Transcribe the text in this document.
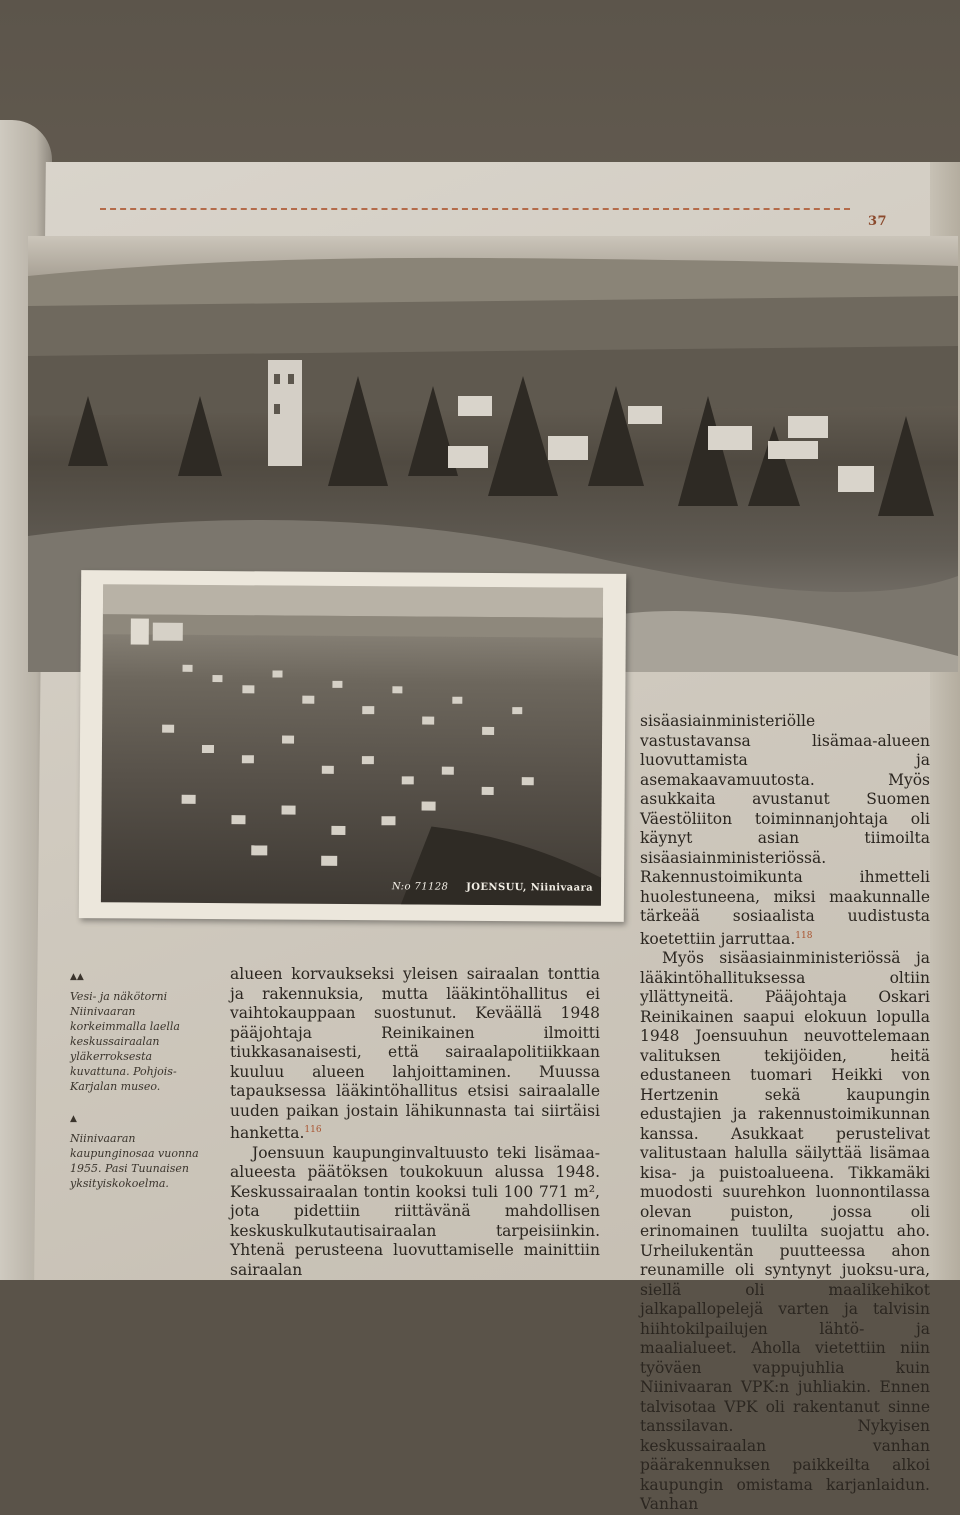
37
N:o 71128 JOENSUU, Niinivaara

sisäasiainministeriölle vastustavansa lisämaa-alueen luovuttamista ja asemakaavamuutosta. Myös asukkaita avustanut Suomen Väestöliiton toiminnanjohtaja oli käynyt asian tiimoilta sisäasiainministeriössä. Rakennustoimikunta ihmetteli huolestuneena, miksi maakunnalle tärkeää sosiaalista uudistusta koetettiin jarruttaa.$^{118}$

Myös sisäasiainministeriössä ja lääkintöhallituksessa oltiin yllättyneitä. Pääjohtaja Oskari Reinikainen saapui elokuun lopulla 1948 Joensuuhun neuvottelemaan valituksen tekijöiden, heitä edustaneen tuomari Heikki von Hertzenin sekä kaupungin edustajien ja rakennustoimikunnan kanssa. Asukkaat perustelivat valitustaan halulla säilyttää lisämaa kisa- ja puistoalueena. Tikkamäki muodosti suurehkon luonnontilassa olevan puiston, jossa oli erinomainen tuulilta suojattu aho. Urheilukentän puutteessa ahon reunamille oli syntynyt juoksu-ura, siellä oli maalikehikot jalkapallopelejä varten ja talvisin hiihtokilpailujen lähtö- ja maalialueet. Aholla vietettiin niin työväen vappujuhlia kuin Niinivaaran VPK:n juhliakin. Ennen talvisotaa VPK oli rakentanut sinne tanssilavan. Nykyisen keskussairaalan vanhan päärakennuksen paikkeilta alkoi kaupungin omistama karjanlaidun. Vanhan

▲▲

Vesi- ja näkötorni Niinivaaran korkeimmalla laella keskussairaalan yläkerroksesta kuvattuna. Pohjois-Karjalan museo.

▲

Niinivaaran kaupunginosaa vuonna 1955. Pasi Tuunaisen yksityiskokoelma.

alueen korvaukseksi yleisen sairaalan tonttia ja rakennuksia, mutta lääkintöhallitus ei vaihtokauppaan suostunut. Keväällä 1948 pääjohtaja Reinikainen ilmoitti tiukkasanaisesti, että sairaalapolitiikkaan kuuluu alueen lahjoittaminen. Muussa tapauksessa lääkintöhallitus etsisi sairaalalle uuden paikan jostain lähikunnasta tai siirtäisi hanketta.$^{116}$

Joensuun kaupunginvaltuusto teki lisämaa-alueesta päätöksen toukokuun alussa 1948. Keskussairaalan tontin kooksi tuli 100 771 m², jota pidettiin riittävänä mahdollisen keskuskulkutautisairaalan tarpeisiinkin. Yhtenä perusteena luovuttamiselle mainittiin sairaalan
